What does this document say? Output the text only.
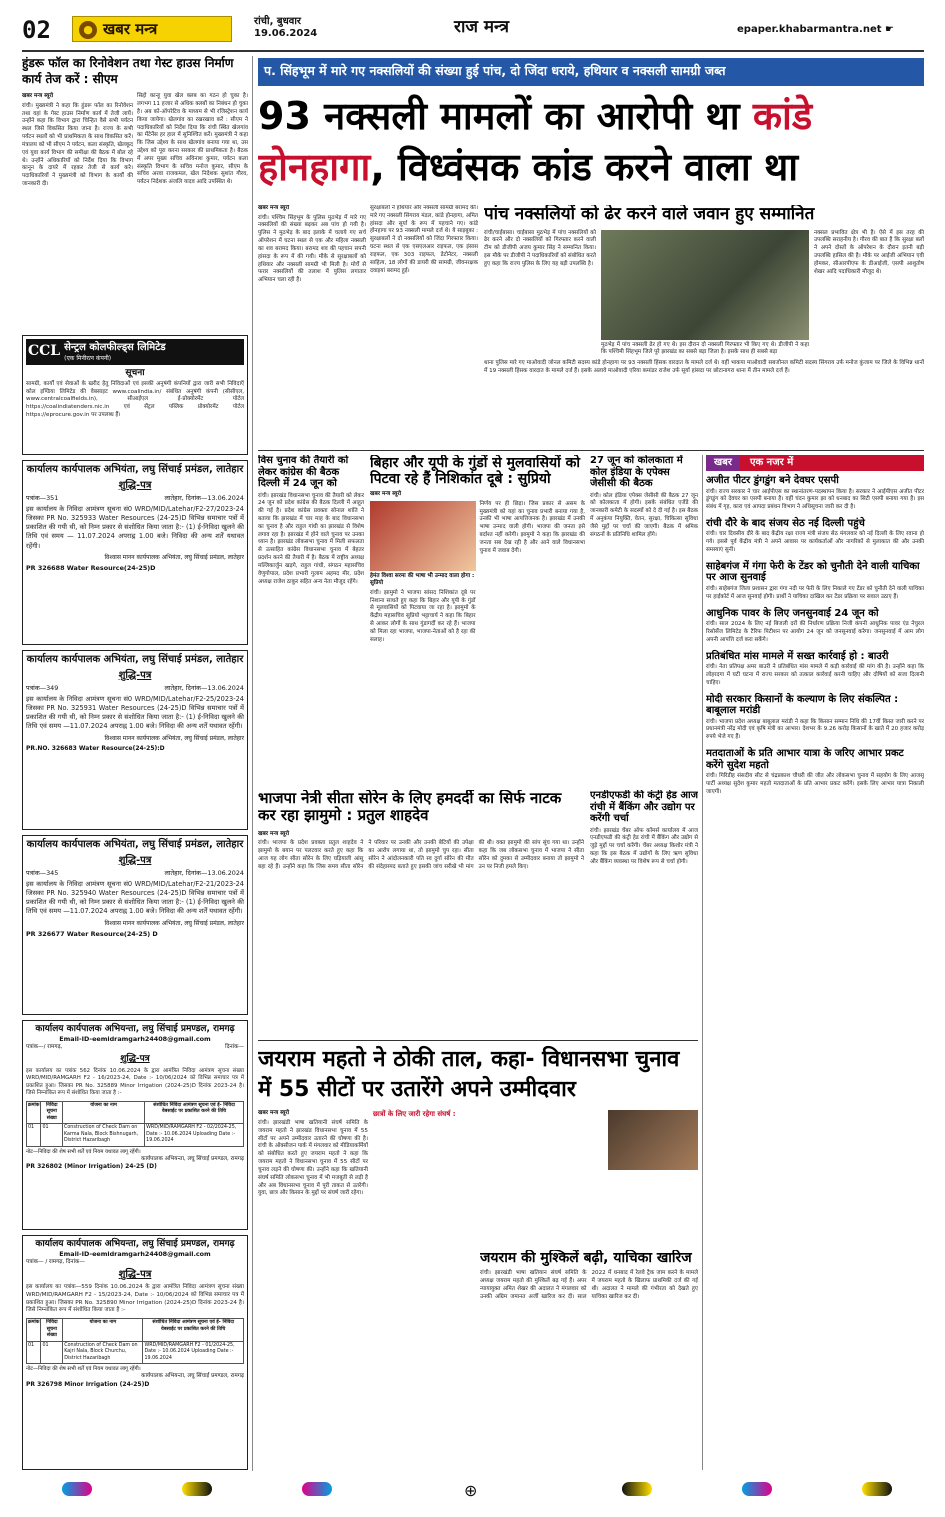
02	● खबर मन्त्र	रांची, बुधवार
19.06.2024	राज मन्त्र	epaper.khabarmantra.net ☛
हुंडरू फॉल का रिनोवेशन तथा गेस्ट हाउस निर्माण कार्य तेज करें : सीएम
खबर मन्त्र ब्यूरो
रांची। मुख्यमंत्री ने कहा कि हुंडरू फॉल का रिनोवेशन तथा वहां के गेस्ट हाउस निर्माण कार्य में तेजी लायें। उन्होंने कहा कि विभाग द्वारा चिन्हित वैसे सभी पर्यटन स्थल जिसे विकसित किया जाना है। राज्य के सभी पर्यटन स्थलों को भी प्राथमिकता के साथ विकसित करें। मंत्रालय को भी सीएम ने पर्यटन, कला संस्कृति, खेलकूद एवं युवा कार्य विभाग की समीक्षा की बैठक में बोल रहे थे। उन्होंने अधिकारियों को निर्देश दिया कि विभाग कानून के दायरे में रहकर तेजी से कार्य करे। पदाधिकारियों ने मुख्यमंत्री को विभाग के कार्यों की जानकारी दी।
सिद्दो कान्हू युवा खेल क्लब का गठन हो चुका है। लगभग 11 हजार से अधिक क्लबों का निबंधन हो चुका है। अब को-ऑपरेटिव के माध्यम से भी रजिस्ट्रेशन कार्य किया जायेगा। खेलगांव का रखरखाव करें : सीएम ने पदाधिकारियों को निर्देश दिया कि रांची स्थित खेलगांव का मेंटेनेंस हर हाल में सुनिश्चित करें। मुख्यमंत्री ने कहा कि जिस उद्देश्य के साथ खेलगांव बनाया गया था, उस उद्देश्य को पूरा करना सरकार की प्राथमिकता है। बैठक में अपर मुख्य सचिव अविनाश कुमार, पर्यटन कला संस्कृति विभाग के सचिव मनोज कुमार, सीएम के सचिव अरवा राजकमल, खेल निदेशक सुशांत गौरव, पर्यटन निदेशक अंजलि यादव आदि उपस्थित थे।
CCL सेन्ट्रल कोलफील्ड्स लिमिटेड
(एक मिनीरत्न कंपनी)
सूचना
सामग्री, कार्यों एवं सेवाओं के खरीद हेतु निविदाओं एवं इसकी अनुषंगी कंपनियों द्वारा जारी सभी निविदाएँ कोल इण्डिया लिमिटेड की वेबसाइट www.coalindia.in/ संबंधित अनुषंगी कंपनी (सीसीएल, www.centralcoalfields.in), सीआईएल ई-प्रोक्योरमेंट पोर्टल https://coalindiatenders.nic.in एवं सेंट्रल पब्लिक प्रोक्योरमेंट पोर्टल https://eprocure.gov.in पर उपलब्ध हैं।
कार्यालय कार्यपालक अभियंता, लघु सिंचाई प्रमंडल, लातेहार
शुद्धि-पत्र
पत्रांक—351	लातेहार, दिनांक—13.06.2024
इस कार्यालय के निविदा आमंत्रण सूचना सं0 WRD/MID/Latehar/F2-27/2023-24 जिसका PR No. 325933 Water Resources (24-25)D विभिन्न समाचार पत्रों में प्रकाशित की गयी थी, को निम्न प्रकार से संशोधित किया जाता है:- (1) ई-निविदा खुलने की तिथि एवं समय — 11.07.2024 अपराह्न 1.00 बजे। निविदा की अन्य शर्तें यथावत रहेंगी।
विश्वास मानन कार्यपालक अभियंता, लघु सिंचाई प्रमंडल, लातेहार
PR 326688 Water Resource(24-25)D
कार्यालय कार्यपालक अभियंता, लघु सिंचाई प्रमंडल, लातेहार
शुद्धि-पत्र
पत्रांक—349	लातेहार, दिनांक—13.06.2024
इस कार्यालय के निविदा आमंत्रण सूचना सं0 WRD/MID/Latehar/F2-25/2023-24 जिसका PR No. 325931 Water Resources (24-25)D विभिन्न समाचार पत्रों में प्रकाशित की गयी थी, को निम्न प्रकार से संशोधित किया जाता है:- (1) ई-निविदा खुलने की तिथि एवं समय —11.07.2024 अपराह्न 1.00 बजे। निविदा की अन्य शर्तें यथावत रहेंगी।
विश्वास मानन कार्यपालक अभियंता, लघु सिंचाई प्रमंडल, लातेहार
PR.NO. 326683 Water Resource(24-25):D
कार्यालय कार्यपालक अभियंता, लघु सिंचाई प्रमंडल, लातेहार
शुद्धि-पत्र
पत्रांक—345	लातेहार, दिनांक—13.06.2024
इस कार्यालय के निविदा आमंत्रण सूचना सं0 WRD/MID/Latehar/F2-21/2023-24 जिसका PR No. 325940 Water Resources (24-25)D विभिन्न समाचार पत्रों में प्रकाशित की गयी थी, को निम्न प्रकार से संशोधित किया जाता है:- (1) ई-निविदा खुलने की तिथि एवं समय —11.07.2024 अपराह्न 1.00 बजे। निविदा की अन्य शर्तें यथावत रहेंगी।
विश्वास मानन कार्यपालक अभियंता, लघु सिंचाई प्रमंडल, लातेहार
PR 326677 Water Resource(24-25) D
कार्यालय कार्यपालक अभियन्ता, लघु सिंचाई प्रमण्डल, रामगढ़
Email-ID-eemidramgarh24408@gmail.com
पत्रांक—/ रामगढ़,	दिनांक—
शुद्धि-पत्र
इस कार्यालय का पत्रांक 562 दिनांक 10.06.2024 के द्वारा आमंत्रित निविदा आमंत्रण सूचना संख्या WRD/MID/RAMGARH F2 - 16/2023-24, Date :- 10/06/2024 को विभिन्न समाचार पत्र में प्रकाशित हुआ। जिसका PR No. 325889 Minor Irrigation (2024-25)D दिनांक 2023-24 है। जिसे निम्नांकित रूप में संशोधित किया जाता है :-
क्रमांक	निविदा सूचना संख्या	योजना का नाम	संशोधित निविदा आमंत्रण सूचना एवं ई- निविदा वेबसाईट पर प्रकाशित करने की तिथि
01	01	Construction of Check Dam on Karma Nala, Block Bishnugarh, District Hazaribagh	WRD/MID/RAMGARH F2 - 02/2024-25, Date :- 10.06.2024 Uploading Date :- 19.06.2024
नोट—निविदा की शेष सभी शर्तें एवं नियम यथावत लागू रहेंगी।
कार्यपालक अभियन्ता, लघु सिंचाई प्रमण्डल, रामगढ़
PR 326802 (Minor Irrigation) 24-25 (D)
कार्यालय कार्यपालक अभियन्ता, लघु सिंचाई प्रमण्डल, रामगढ़
Email-ID-eemidramgarh24408@gmail.com
पत्रांक— / रामगढ़, दिनांक—
शुद्धि-पत्र
इस कार्यालय का पत्रांक—559 दिनांक 10.06.2024 के द्वारा आमंत्रित निविदा आमंत्रण सूचना संख्या WRD/MID/RAMGARH F2 - 15/2023-24, Date :- 10/06/2024 को विभिन्न समाचार पत्र में प्रकाशित हुआ। जिसका PR No. 325890 Minor Irrigation (2024-25)D दिनांक 2023-24 है। जिसे निम्नांकित रूप में संशोधित किया जाता है :-
क्रमांक	निविदा सूचना संख्या	योजना का नाम	संशोधित निविदा आमंत्रण सूचना एवं ई- निविदा वेबसाईट पर प्रकाशित करने की तिथि
01	01	Construction of Check Dam on Kajri Nala, Block Churchu, District Hazaribagh	WRD/MID/RAMGARH F2 - 01/2024-25, Date :- 10.06.2024 Uploading Date :- 19.06.2024
नोट—निविदा की शेष सभी शर्तें एवं नियम यथावत लागू रहेंगी।
कार्यपालक अभियन्ता, लघु सिंचाई प्रमण्डल, रामगढ़
PR 326798 Minor Irrigation (24-25)D
प. सिंहभूम में मारे गए नक्सलियों की संख्या हुई पांच, दो जिंदा धराये, हथियार व नक्सली सामग्री जब्त
93 नक्सली मामलों का आरोपी था कांडे
होनहागा, विध्वंसक कांड करने वाला था
खबर मन्त्र ब्यूरो
रांची। पश्चिम सिंहभूम के पुलिस मुठभेड़ में मारे गए नक्सलियों की संख्या बढ़कर अब पांच हो गयी है। पुलिस ने मुठभेड़ के बाद इलाके में चलाये गए सर्च ऑपरेशन में घटना स्थल से एक और महिला नक्सली का शव बरामद किया। बरामद शव की पहचान सपनी हांसदा के रूप में की गयी। मौके से सुरक्षाबलों को हथियार और नक्सली सामग्री भी मिली है। मोर्चे से फरार नक्सलियों की तलाश में पुलिस लगातार अभियान चला रही है।
सुरक्षाबलों ने हथियार और नक्सली सामग्री बरामद की। मारे गए नक्सली सिंगराय मंडल, कांडे होनहागा, अमित हांसदा और सूर्या के रूप में पहचाने गए। कांडे होनहागा पर 93 नक्सली मामले दर्ज थे। ये साइबुका : सुरक्षाबलों ने दो नक्सलियों को जिंदा गिरफ्तार किया। घटना स्थल से एक एसएलआर राइफल, एक इंसास राइफल, एक 303 राइफल, डेटोनेटर, नक्सली साहित्य, 18 लोगों की डायरी की सामग्री, जीवनरक्षक दवाइयां बरामद हुई।
पांच नक्सलियों को ढेर करने वाले जवान हुए सम्मानित
रांची/चाईबासा। चाईबासा मुठभेड़ में पांच नक्सलियों को ढेर करने और दो नक्सलियों को गिरफ्तार करने वाली टीम को डीजीपी अजय कुमार सिंह ने सम्मानित किया। इस मौके पर डीजीपी ने पदाधिकारियों को संबोधित करते हुए कहा कि राज्य पुलिस के लिए यह बड़ी उपलब्धि है।
मुठभेड़ में पांच नक्सली ढेर हो गए थे। इस दौरान दो नक्सली गिरफ्तार भी किए गए थे। डीजीपी ने कहा कि पश्चिमी सिंहभूम जिले पूरे झारखंड का सबसे बड़ा जिला है। इसके साथ ही सबसे बड़ा
नक्सल प्रभावित क्षेत्र भी है। ऐसे में इस तरह की उपलब्धि सराहनीय है। गौरव की बात है कि सुरक्षा बलों ने अपने दोस्तों के ऑपरेशन के दौरान इतनी बड़ी उपलब्धि हासिल की है। मौके पर आईजी अभियान एवी होमकर, सीआरपीएफ के डीआईजी, एसपी आशुतोष शेखर आदि पदाधिकारी मौजूद थे।
थाना पुलिस मारे गए माओवादी जोनल कमिटी सदस्य कांडे होनहागा पर 93 नक्सली हिंसक वारदात के मामले दर्ज थे। वहीं भाकपा माओवादी सबजोनल कमिटी सदस्य सिंगराय उर्फ मनोज कुंजाम पर जिले के विभिन्न थानों में 19 नक्सली हिंसक वारदात के मामले दर्ज हैं। इसके अलावे माओवादी एरिया कमांडर राजेश उर्फ सूर्या हांसदा पर छोटानागरा थाना में तीन मामले दर्ज हैं।
विस चुनाव की तैयारी को लेकर कांग्रेस की बैठक दिल्ली में 24 जून को
रांची। झारखंड विधानसभा चुनाव की तैयारी को लेकर 24 जून को प्रदेश कांग्रेस की बैठक दिल्ली में आहूत की गई है। प्रदेश कांग्रेस प्रवक्ता सोनाल शांति ने बताया कि झारखंड में चार माह के बाद विधानसभा का चुनाव है और राहुल गांधी का झारखंड से विशेष लगाव रहा है। झारखंड में होने वाले चुनाव पर उनका ध्यान है। झारखंड लोकसभा चुनाव में मिली सफलता से उत्साहित कांग्रेस विधानसभा चुनाव में बेहतर प्रदर्शन करने की तैयारी में है। बैठक में राष्ट्रीय अध्यक्ष मल्लिकार्जुन खड़गे, राहुल गांधी, संगठन महासचिव वेणुगोपाल, प्रदेश प्रभारी गुलाम अहमद मीर, प्रदेश अध्यक्ष राजेश ठाकुर सहित अन्य नेता मौजूद रहेंगे।
बिहार और यूपी के गुंडों से मुलवासियों को पिटवा रहे हैं निशिकांत दूबे : सुप्रियो
खबर मन्त्र ब्यूरो
हेमंत विश्वा सरमा की भाषा भी उन्माद वाला होगा : सुप्रियो
रांची। झामुमो ने भाजपा सांसद निशिकांत दूबे पर निशाना साधते हुए कहा कि बिहार और यूपी के गुंडों से मूलवासियों को पिटवाया जा रहा है। झामुमो के केंद्रीय महासचिव सुप्रियो भट्टाचार्य ने कहा कि बिहार से आकर लोगों के साथ गुंडागर्दी कर रहे हैं। भाजपा को मिला रहा भाजपा, भाजपा-नेताओं को है रहा की सलाह।
निर्णय पर ही छिड़ा। जिस प्रकार से असम के मुख्यमंत्री को यहां का चुनाव प्रभारी बनाया गया है, उनकी भी भाषा आपत्तिजनक है। झारखंड में उनकी भाषा उन्माद वाली होगी। भाजपा की जनता इसे बर्दाश्त नहीं करेगी। झामुमो ने कहा कि झारखंड की जनता सब देख रही है और आने वाले विधानसभा चुनाव में जवाब देगी।
27 जून को कोलकाता में कोल इंडिया के एपेक्स जेसीसी की बैठक
रांची। कोल इंडिया एपेक्स जेसीसी की बैठक 27 जून को कोलकाता में होगी। इसके संबंधित एजेंडे की जानकारी कमेटी के सदस्यों को दे दी गई है। इस बैठक में अनुकंपा नियुक्ति, वेतन, सुरक्षा, चिकित्सा सुविधा जैसे मुद्दों पर चर्चा की जाएगी। बैठक में श्रमिक संगठनों के प्रतिनिधि शामिल होंगे।
एनडीएफडी की कंट्री हेड आज रांची में बैंकिंग और उद्योग पर करेंगी चर्चा
रांची। झारखंड चेंबर ऑफ कॉमर्स कार्यालय में आज एनडीएफडी की कंट्री हेड रांची में बैंकिंग और उद्योग से जुड़े मुद्दों पर चर्चा करेंगी। चेंबर अध्यक्ष किशोर मंत्री ने कहा कि इस बैठक में उद्योगों के लिए ऋण सुविधा और बैंकिंग व्यवस्था पर विशेष रूप से चर्चा होगी।
भाजपा नेत्री सीता सोरेन के लिए हमदर्दी का सिर्फ नाटक कर रहा झामुमो : प्रतुल शाहदेव
खबर मन्त्र ब्यूरो
रांची। भाजपा के प्रदेश प्रवक्ता प्रतुल शाहदेव ने झामुमो के बयान पर पलटवार करते हुए कहा कि आज यह लोग सीता सोरेन के लिए घड़ियाली आंसू बहा रहे हैं। उन्होंने कहा कि जिस समय सीता सोरेन ने परिवार पर उनकी और उनकी बेटियों की उपेक्षा का आरोप लगाया था, तो झामुमो चुप रहा। सीता सोरेन ने आंदोलनकारी पति स्व दुर्गा सोरेन की मौत की संदेहास्पद बताते हुए इसकी जांच सरीखे भी मांग की थी। वक्त झामुमो की सांप सूंघ गया था। उन्होंने कहा कि जब लोकसभा चुनाव में भाजपा ने सीता सोरेन को दुमका से उम्मीदवार बनाया तो झामुमो ने उन पर निजी हमले किए।
जयराम महतो ने ठोकी ताल, कहा- विधानसभा चुनाव में 55 सीटों पर उतारेंगे अपने उम्मीदवार
खबर मन्त्र ब्यूरो
रांची। झारखंडी भाषा खतियानी संघर्ष समिति के जयराम महतो ने झारखंड विधानसभा चुनाव में 55 सीटों पर अपने उम्मीदवार उतारने की घोषणा की है। रांची के ऑक्सीजन पार्क में मंगलवार को मीडियाकर्मियों को संबोधित करते हुए जयराम महतो ने कहा कि जयराम महतो ने विधानसभा चुनाव में 55 सीटों पर चुनाव लड़ने की घोषणा की। उन्होंने कहा कि खतियानी संघर्ष समिति लोकसभा चुनाव में भी मजबूती से लड़ी है और अब विधानसभा चुनाव में पूरी ताकत से उतरेगी। युवा, छात्र और किसान के मुद्दों पर संघर्ष जारी रहेगा।
छात्रों के लिए जारी रहेगा संघर्ष :
जयराम की मुश्किलें बढ़ी, याचिका खारिज
रांची। झारखंडी भाषा खतियान संघर्ष समिति के अध्यक्ष जयराम महतो की मुश्किलें बढ़ गई हैं। अपर न्यायायुक्त अमित शेखर की अदालत ने मंगलवार को उनकी अग्रिम जमानत अर्जी खारिज कर दी। साल 2022 में धनबाद में रेलवे ट्रैक जाम करने के मामले में जयराम महतो के खिलाफ प्राथमिकी दर्ज की गई थी। अदालत ने मामले की गंभीरता को देखते हुए याचिका खारिज कर दी।
खबर	एक नजर में
अजीत पीटर डुंगडुंग बने देवघर एसपी
रांची। राज्य सरकार ने चार आईपीएस का स्थानांतरण-पदस्थापन किया है। सरकार ने आईपीएस अजीत पीटर डुंगडुंग को देवघर का एसपी बनाया है। वहीं चंदन कुमार झा को धनबाद का सिटी एसपी बनाया गया है। इस संबंध में गृह, कारा एवं आपदा प्रबंधन विभाग ने अधिसूचना जारी कर दी है।
रांची दौरे के बाद संजय सेठ नई दिल्ली पहुंचे
रांची। चार दिवसीय दौरे के बाद केंद्रीय रक्षा राज्य मंत्री संजय सेठ मंगलवार को नई दिल्ली के लिए रवाना हो गये। इससे पूर्व केंद्रीय मंत्री ने अपने आवास पर कार्यकर्ताओं और नागरिकों से मुलाकात की और उनकी समस्याएं सुनीं।
साहेबगंज में गंगा फेरी के टेंडर को चुनौती देने वाली याचिका पर आज सुनवाई
रांची। साहेबगंज जिला प्रशासन द्वारा गंगा नदी पर फेरी के लिए निकाले गए टेंडर को चुनौती देने वाली याचिका पर हाईकोर्ट में आज सुनवाई होगी। प्रार्थी ने याचिका दाखिल कर टेंडर प्रक्रिया पर सवाल उठाए हैं।
आधुनिक पावर के लिए जनसुनवाई 24 जून को
रांची। साल 2024 के लिए नई बिजली दरों की निर्धारण प्रक्रिया निजी कंपनी आधुनिक पावर एंड नेचुरल रिसोर्सेज लिमिटेड के टैरिफ पिटीशन पर आयोग 24 जून को जनसुनवाई करेगा। जनसुनवाई में आम लोग अपनी आपत्ति दर्ज करा सकेंगे।
प्रतिबंधित मांस मामले में सख्त कार्रवाई हो : बाउरी
रांची। नेता प्रतिपक्ष अमर बाउरी ने प्रतिबंधित मांस मामले में कड़ी कार्रवाई की मांग की है। उन्होंने कहा कि लोहरदगा में घटी घटना में राज्य सरकार को तत्काल कार्रवाई करनी चाहिए और दोषियों को सजा दिलानी चाहिए।
मोदी सरकार किसानों के कल्याण के लिए संकल्पित : बाबूलाल मरांडी
रांची। भाजपा प्रदेश अध्यक्ष बाबूलाल मरांडी ने कहा कि किसान सम्मान निधि की 17वीं किस्त जारी करने पर प्रधानमंत्री नरेंद्र मोदी एवं कृषि मंत्री का आभार। देशभर के 9.26 करोड़ किसानों के खाते में 20 हजार करोड़ रुपये भेजे गए हैं।
मतदाताओं के प्रति आभार यात्रा के जरिए आभार प्रकट करेंगे सुदेश महतो
रांची। गिरिडीह संसदीय सीट से चंद्रप्रकाश चौधरी की जीत और लोकसभा चुनाव में सहयोग के लिए आजसू पार्टी अध्यक्ष सुदेश कुमार महतो मतदाताओं के प्रति आभार प्रकट करेंगे। इसके लिए आभार यात्रा निकाली जाएगी।
⊕
